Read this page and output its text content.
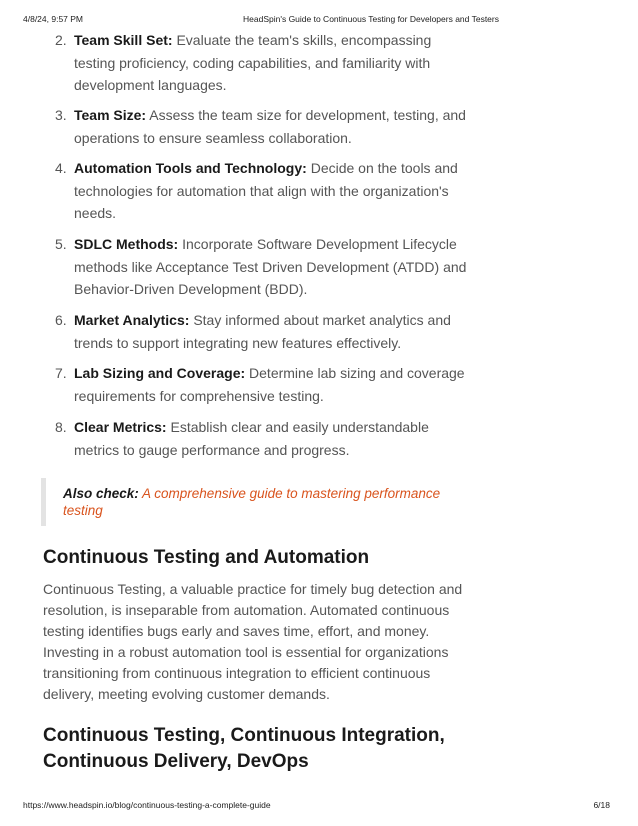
4/8/24, 9:57 PM	HeadSpin's Guide to Continuous Testing for Developers and Testers
2. Team Skill Set: Evaluate the team's skills, encompassing testing proficiency, coding capabilities, and familiarity with development languages.
3. Team Size: Assess the team size for development, testing, and operations to ensure seamless collaboration.
4. Automation Tools and Technology: Decide on the tools and technologies for automation that align with the organization's needs.
5. SDLC Methods: Incorporate Software Development Lifecycle methods like Acceptance Test Driven Development (ATDD) and Behavior-Driven Development (BDD).
6. Market Analytics: Stay informed about market analytics and trends to support integrating new features effectively.
7. Lab Sizing and Coverage: Determine lab sizing and coverage requirements for comprehensive testing.
8. Clear Metrics: Establish clear and easily understandable metrics to gauge performance and progress.
Also check: A comprehensive guide to mastering performance testing
Continuous Testing and Automation
Continuous Testing, a valuable practice for timely bug detection and resolution, is inseparable from automation. Automated continuous testing identifies bugs early and saves time, effort, and money. Investing in a robust automation tool is essential for organizations transitioning from continuous integration to efficient continuous delivery, meeting evolving customer demands.
Continuous Testing, Continuous Integration, Continuous Delivery, DevOps
https://www.headspin.io/blog/continuous-testing-a-complete-guide	6/18
